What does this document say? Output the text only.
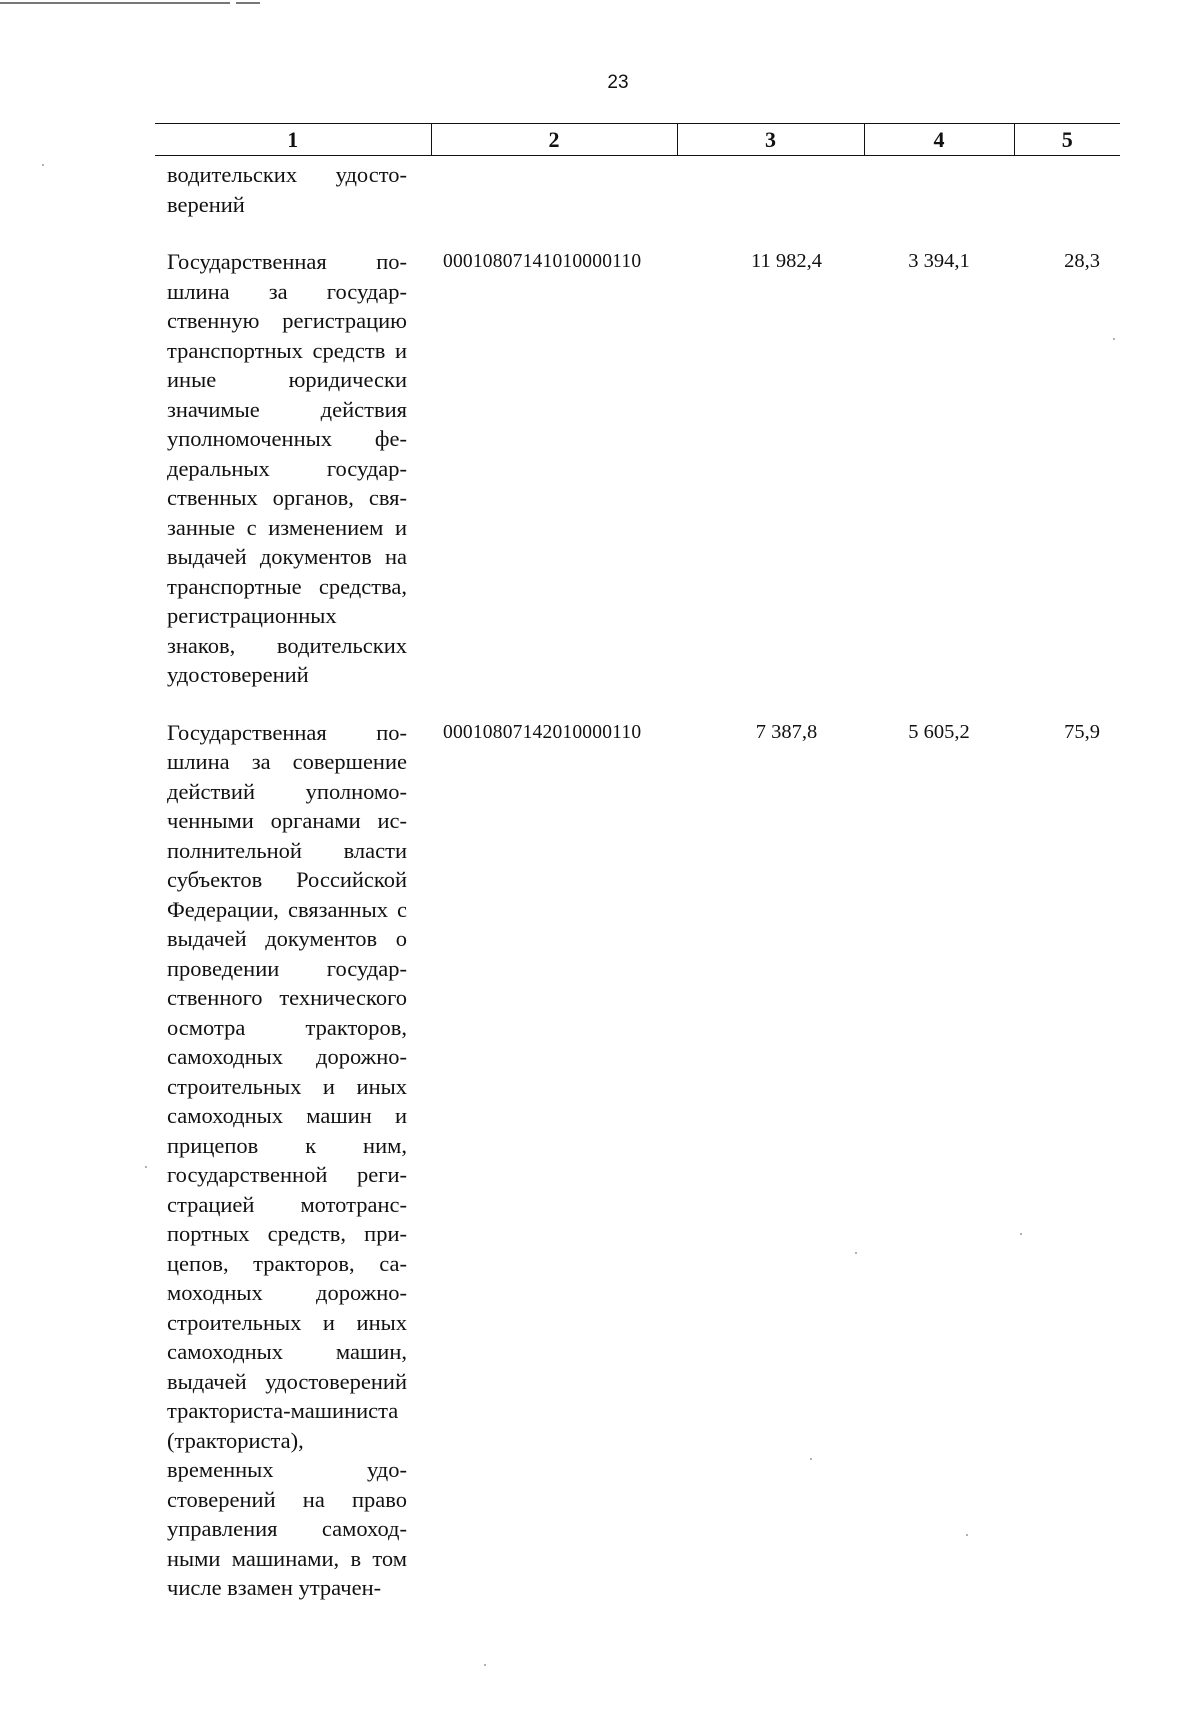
23
1	2	3	4	5
водительских удостоверений				
Государственная пошлина за государственную регистрацию транспортных средств и иные юридически значимые действия уполномоченных федеральных государственных органов, связанные с изменением и выдачей документов на транспортные средства, регистрационных знаков, водительских удостоверений	00010807141010000110	11 982,4	3 394,1	28,3
Государственная пошлина за совершение действий уполномоченными органами исполнительной власти субъектов Российской Федерации, связанных с выдачей документов о проведении государственного технического осмотра тракторов, самоходных дорожно-строительных и иных самоходных машин и прицепов к ним, государственной регистрацией мототранспортных средств, прицепов, тракторов, самоходных дорожно-строительных и иных самоходных машин, выдачей удостоверений тракториста-машиниста (тракториста), временных удостоверений на право управления самоходными машинами, в том числе взамен утрачен-	00010807142010000110	7 387,8	5 605,2	75,9
